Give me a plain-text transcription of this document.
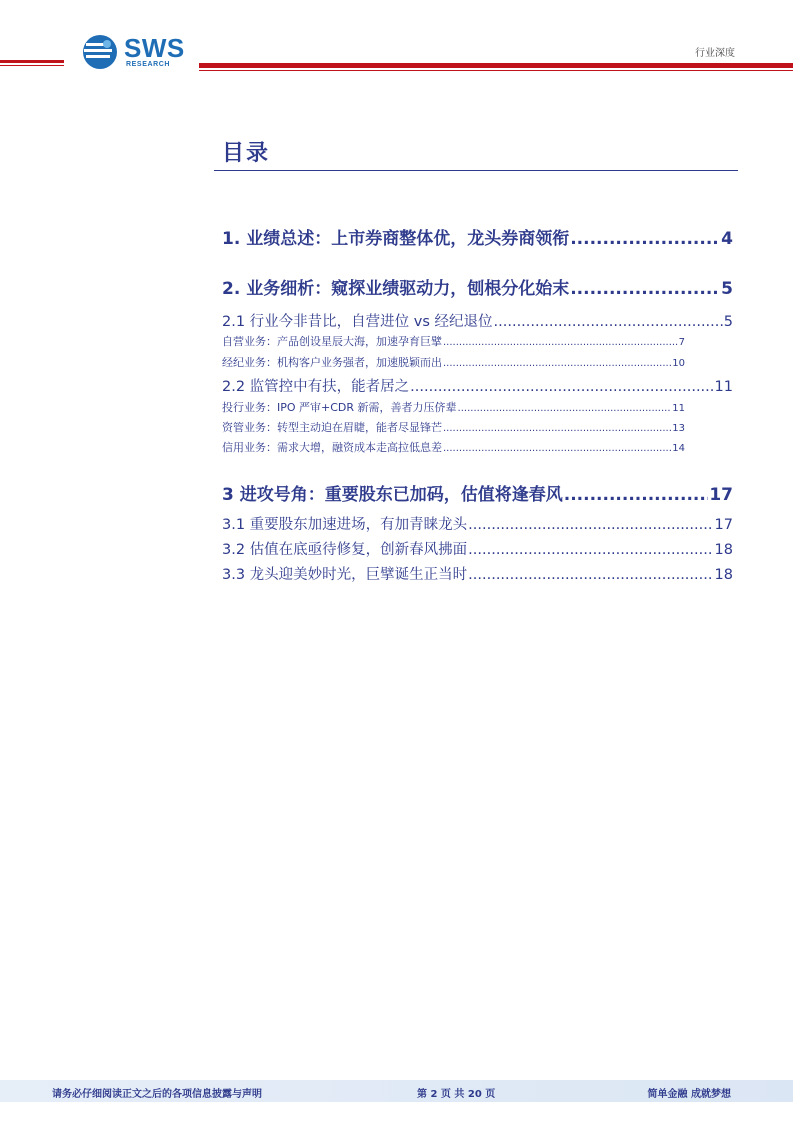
SWS
RESEARCH
行业深度
目录
1. 业绩总述：上市券商整体优，龙头券商领衔 .....	4
2. 业务细析：窥探业绩驱动力，刨根分化始末 .....	5
2.1 行业今非昔比，自营进位 vs 经纪退位 .....	5
自营业务：产品创设星辰大海，加速孕育巨擘 .....	7
经纪业务：机构客户业务强者，加速脱颖而出 .....	10
2.2 监管控中有扶，能者居之 .....	11
投行业务：IPO 严审+CDR 新需，善者力压侪辈 .....	11
资管业务：转型主动迫在眉睫，能者尽显锋芒 .....	13
信用业务：需求大增，融资成本走高拉低息差 .....	14
3 进攻号角：重要股东已加码，估值将逢春风 .....	17
3.1 重要股东加速进场，有加青睐龙头 .....	17
3.2 估值在底亟待修复，创新春风拂面 .....	18
3.3 龙头迎美妙时光，巨擘诞生正当时 .....	18
请务必仔细阅读正文之后的各项信息披露与声明	第 2 页 共 20 页	简单金融 成就梦想
